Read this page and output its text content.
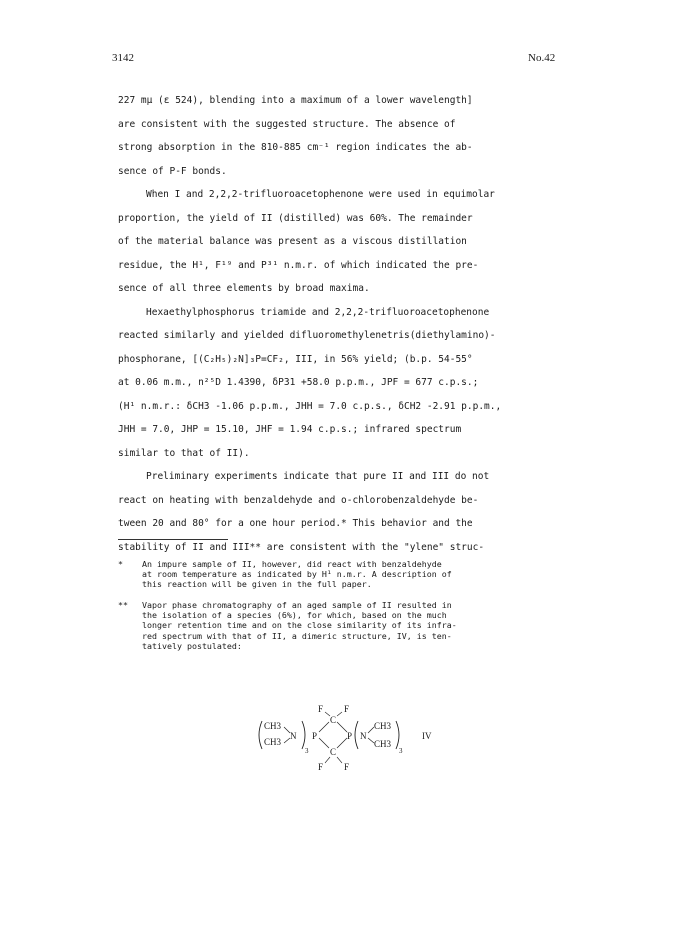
3142	No.42
227 mμ (ε 524), blending into a maximum of a lower wavelength]
are consistent with the suggested structure. The absence of
strong absorption in the 810-885 cm⁻¹ region indicates the ab-
sence of P-F bonds.
When I and 2,2,2-trifluoroacetophenone were used in equimolar
proportion, the yield of II (distilled) was 60%. The remainder
of the material balance was present as a viscous distillation
residue, the H¹, F¹⁹ and P³¹ n.m.r. of which indicated the pre-
sence of all three elements by broad maxima.
Hexaethylphosphorus triamide and 2,2,2-trifluoroacetophenone
reacted similarly and yielded difluoromethylenetris(diethylamino)-
phosphorane, [(C₂H₅)₂N]₃P=CF₂, III, in 56% yield; (b.p. 54-55°
at 0.06 m.m., n²⁵D 1.4390, δP31 +58.0 p.p.m., JPF = 677 c.p.s.;
(H¹ n.m.r.: δCH3 -1.06 p.p.m., JHH = 7.0 c.p.s., δCH2 -2.91 p.p.m.,
JHH = 7.0, JHP = 15.10, JHF = 1.94 c.p.s.; infrared spectrum
similar to that of II).
Preliminary experiments indicate that pure II and III do not
react on heating with benzaldehyde and o-chlorobenzaldehyde be-
tween 20 and 80° for a one hour period.* This behavior and the
stability of II and III** are consistent with the "ylene" struc-
* An impure sample of II, however, did react with benzaldehyde
at room temperature as indicated by H¹ n.m.r. A description of
this reaction will be given in the full paper.
** Vapor phase chromatography of an aged sample of II resulted in
the isolation of a species (6%), for which, based on the much
longer retention time and on the close similarity of its infra-
red spectrum with that of II, a dimeric structure, IV, is ten-
tatively postulated:
CH3
CH3
N
3
P
C
C
P
F F
F F
N
CH3
CH3
3
IV
